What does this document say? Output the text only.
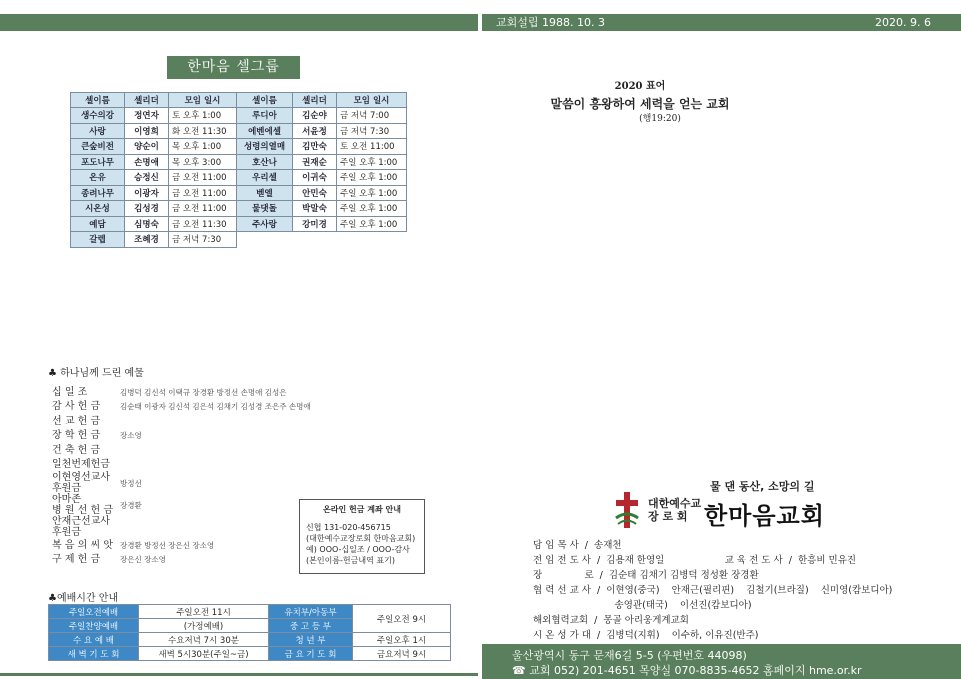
교회설립 1988. 10. 3	2020. 9. 6
한마음 셀그룹
셀이름	셀리더	모임 일시	셀이름	셀리더	모임 일시
생수의강	정연자	토 오후 1:00	루디아	김순야	금 저녁 7:00
사랑	이영희	화 오전 11:30	에벤에셀	서윤정	금 저녁 7:30
큰숲비전	양순이	목 오후 1:00	성령의열매	김만숙	토 오전 11:00
포도나무	손명애	목 오후 3:00	호산나	권재순	주일 오후 1:00
온유	승정신	금 오전 11:00	우리셀	이귀숙	주일 오후 1:00
종려나무	이광자	금 오전 11:00	벧엘	안민숙	주일 오후 1:00
시온성	김성경	금 오전 11:00	물댓돌	박말숙	주일 오후 1:00
예담	심명숙	금 오전 11:30	주사랑	강미경	주일 오후 1:00
갈렙	조혜경	금 저녁 7:30			
2020 표어
말씀이 흥왕하여 세력을 얻는 교회
(행19:20)
♣ 하나님께 드린 예물
십 일 조	김병덕 김신석 이택규 장경환 방정선 손명애 김성은
감 사 헌 금	김순태 이광자 김신석 김은석 김채기 김성경 조은주 손명애
선 교 헌 금
장 학 헌 금	장소영
건 축 헌 금
일천번제헌금
이현영선교사
후원금	방정선
아마존
병 원 선 헌 금 장경환
안재근선교사
후원금
복 음 의 씨 앗 장경환 방정선 장은신 장소영
구 제 헌 금	장은신 장소영
온라인 헌금 계좌 안내
신협 131-020-456715
(대한예수교장로회 한마음교회)
예) OOO-십일조 / OOO-감사
(본인이름-헌금내역 표기)
♣예배시간 안내
주일오전예배	주일오전 11시	유치부/아동부	주일오전 9시
주일찬양예배	(가정예배)	중 고 등 부	
수 요 예 배	수요저녁 7시 30분	청 년 부	주일오후 1시
새 벽 기 도 회	새벽 5시30분(주일~금)	금 요 기 도 회	금요저녁 9시
물 댄 동산, 소망의 길
대한예수교
장 로 회 한마음교회
담 임 목 사  /  송재천
전 임 전 도 사  /  김용재 한영일                    교 육 전 도 사  /  한흥비 민유진
장              로  /  김순태 김채기 김병덕 정성환 장경환
협 력 선 교 사  /  이현영(중국)    안재근(필리핀)    김철기(브라질)    신미영(캄보디아)
송영관(태국)    이선진(캄보디아)
해외협력교회  /  몽골 아리웅게계교회
시 온 성 가 대  /  김병덕(지휘)    이수하, 이유진(반주)
울산광역시 동구 문재6길 5-5 (우편번호 44098)
☎ 교회 052) 201-4651 목양실 070-8835-4652 홈페이지 hme.or.kr
